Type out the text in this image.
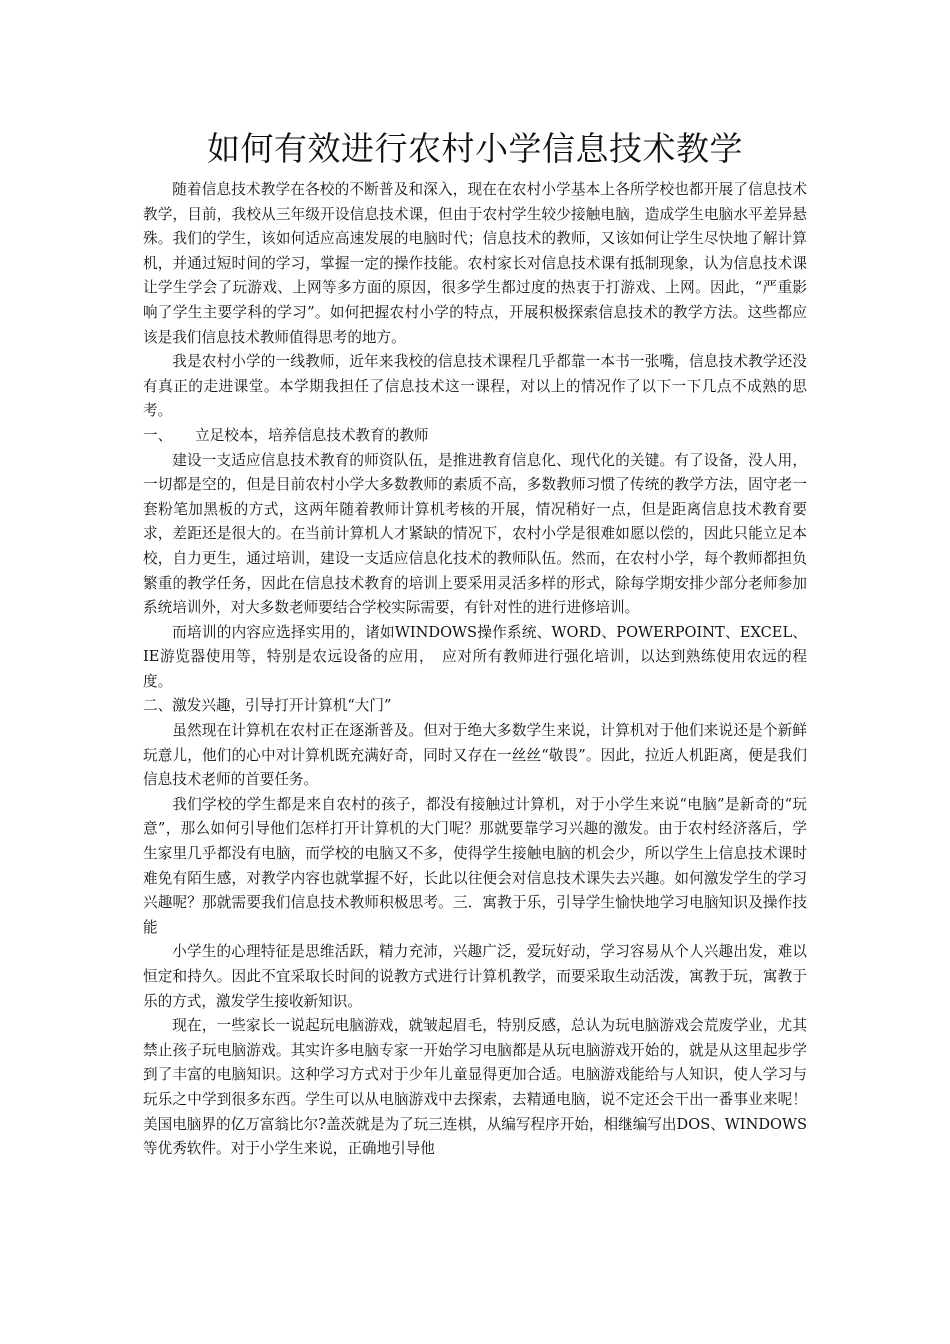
如何有效进行农村小学信息技术教学

随着信息技术教学在各校的不断普及和深入，现在在农村小学基本上各所学校也都开展了信息技术教学，目前，我校从三年级开设信息技术课，但由于农村学生较少接触电脑，造成学生电脑水平差异悬殊。我们的学生，该如何适应高速发展的电脑时代；信息技术的教师，又该如何让学生尽快地了解计算机，并通过短时间的学习，掌握一定的操作技能。农村家长对信息技术课有抵制现象，认为信息技术课让学生学会了玩游戏、上网等多方面的原因，很多学生都过度的热衷于打游戏、上网。因此，“严重影响了学生主要学科的学习”。如何把握农村小学的特点，开展积极探索信息技术的教学方法。这些都应该是我们信息技术教师值得思考的地方。

我是农村小学的一线教师，近年来我校的信息技术课程几乎都靠一本书一张嘴，信息技术教学还没有真正的走进课堂。本学期我担任了信息技术这一课程，对以上的情况作了以下一下几点不成熟的思考。

一、 立足校本，培养信息技术教育的教师

建设一支适应信息技术教育的师资队伍，是推进教育信息化、现代化的关键。有了设备，没人用，一切都是空的，但是目前农村小学大多数教师的素质不高，多数教师习惯了传统的教学方法，固守老一套粉笔加黑板的方式，这两年随着教师计算机考核的开展，情况稍好一点，但是距离信息技术教育要求，差距还是很大的。在当前计算机人才紧缺的情况下，农村小学是很难如愿以偿的，因此只能立足本校，自力更生，通过培训，建设一支适应信息化技术的教师队伍。然而，在农村小学，每个教师都担负繁重的教学任务，因此在信息技术教育的培训上要采用灵活多样的形式，除每学期安排少部分老师参加系统培训外，对大多数老师要结合学校实际需要，有针对性的进行进修培训。

而培训的内容应选择实用的，诸如WINDOWS操作系统、WORD、POWERPOINT、EXCEL、IE游览器使用等，特别是农远设备的应用，　应对所有教师进行强化培训，以达到熟练使用农远的程度。

二、激发兴趣，引导打开计算机“大门”

虽然现在计算机在农村正在逐渐普及。但对于绝大多数学生来说，计算机对于他们来说还是个新鲜玩意儿，他们的心中对计算机既充满好奇，同时又存在一丝丝“敬畏”。因此，拉近人机距离，便是我们信息技术老师的首要任务。

我们学校的学生都是来自农村的孩子，都没有接触过计算机，对于小学生来说“电脑”是新奇的“玩意”，那么如何引导他们怎样打开计算机的大门呢？那就要靠学习兴趣的激发。由于农村经济落后，学生家里几乎都没有电脑，而学校的电脑又不多，使得学生接触电脑的机会少，所以学生上信息技术课时难免有陌生感，对教学内容也就掌握不好，长此以往便会对信息技术课失去兴趣。如何激发学生的学习兴趣呢？那就需要我们信息技术教师积极思考。三．寓教于乐，引导学生愉快地学习电脑知识及操作技能

小学生的心理特征是思维活跃，精力充沛，兴趣广泛，爱玩好动，学习容易从个人兴趣出发，难以恒定和持久。因此不宜采取长时间的说教方式进行计算机教学，而要采取生动活泼，寓教于玩，寓教于乐的方式，激发学生接收新知识。

现在，一些家长一说起玩电脑游戏，就皱起眉毛，特别反感，总认为玩电脑游戏会荒废学业，尤其禁止孩子玩电脑游戏。其实许多电脑专家一开始学习电脑都是从玩电脑游戏开始的，就是从这里起步学到了丰富的电脑知识。这种学习方式对于少年儿童显得更加合适。电脑游戏能给与人知识，使人学习与玩乐之中学到很多东西。学生可以从电脑游戏中去探索，去精通电脑，说不定还会干出一番事业来呢！美国电脑界的亿万富翁比尔?盖茨就是为了玩三连棋，从编写程序开始，相继编写出DOS、WINDOWS等优秀软件。对于小学生来说，正确地引导他
